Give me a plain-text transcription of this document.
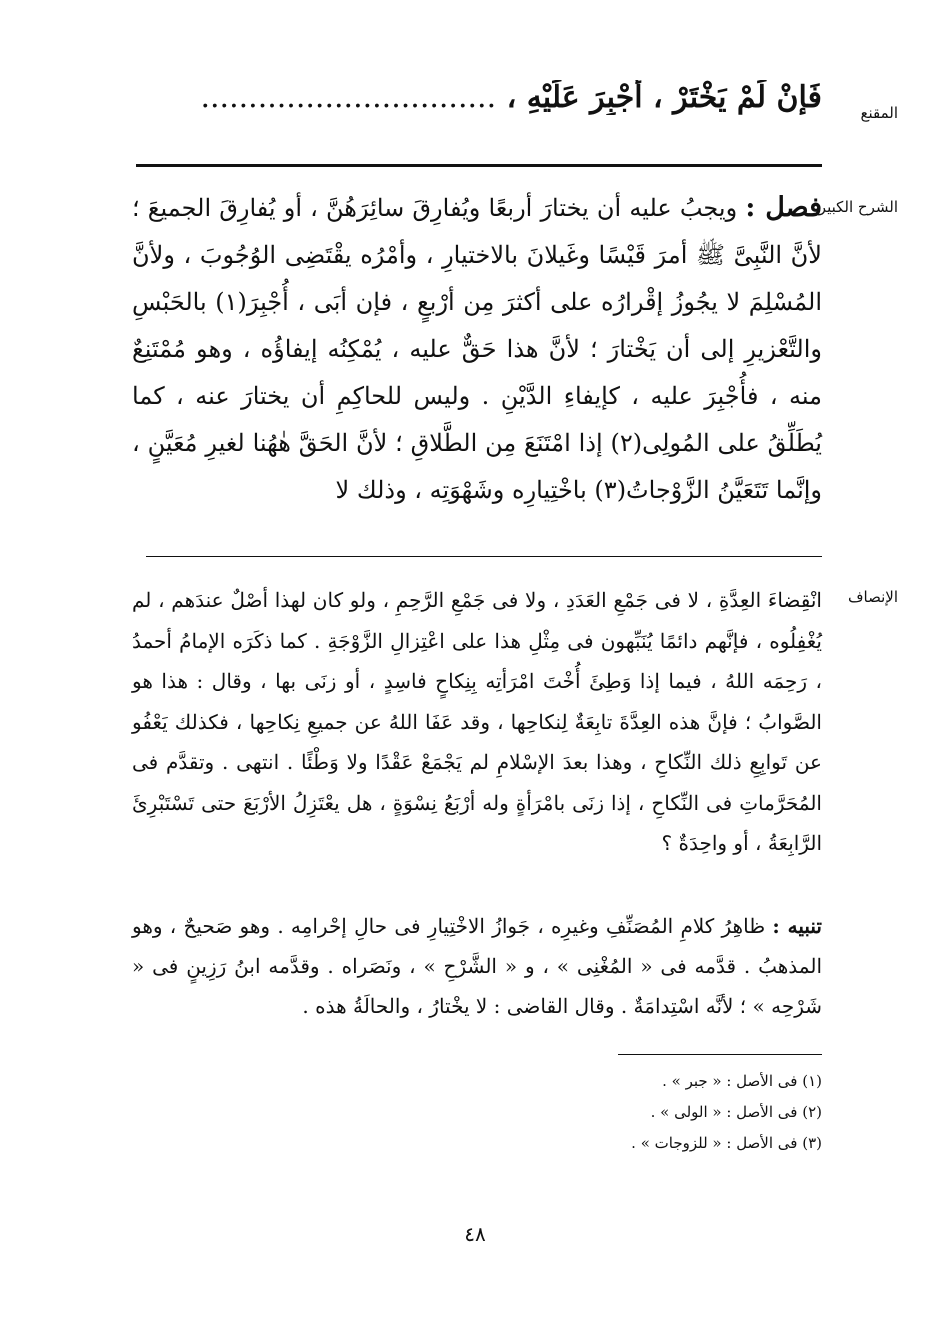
المقنع
فَإِنْ لَمْ يَخْتَرْ ، أُجْبِرَ عَلَيْهِ ، ...............................
الشرح الكبير
فصل : ويجبُ عليه أن يختارَ أربعًا ويُفارِقَ سائِرَهُنَّ ، أو يُفارِقَ الجميعَ ؛ لأنَّ النَّبِىَّ ﷺ أمرَ قَيْسًا وغَيلانَ بالاختيارِ ، وأمْرُه يقْتَضِى الوُجُوبَ ، ولأنَّ المُسْلِمَ لا يجُوزُ إقْرارُه على أكثرَ مِن أرْبعٍ ، فإن أبَى ، أُجْبِرَ(١) بالحَبْسِ والتَّعْزيرِ إلى أن يَخْتارَ ؛ لأنَّ هذا حَقٌّ عليه ، يُمْكِنُه إيفاؤُه ، وهو مُمْتَنِعٌ منه ، فأُجْبِرَ عليه ، كإيفاءِ الدَّيْنِ . وليس للحاكِمِ أن يختارَ عنه ، كما يُطَلِّقُ على المُولِى(٢) إذا امْتَنَعَ مِن الطَّلاقِ ؛ لأنَّ الحَقَّ هٰهُنا لغيرِ مُعَيَّنٍ ، وإنَّما تَتَعَيَّنُ الزَّوْجاتُ(٣) باخْتِيارِه وشَهْوَتِه ، وذلك لا
الإنصاف
انْقِضاءَ العِدَّةِ ، لا فى جَمْعِ العَدَدِ ، ولا فى جَمْعِ الرَّحِمِ ، ولو كان لهذا أصْلٌ عندَهم ، لم يُغْفِلُوه ، فإنَّهم دائمًا يُنَبِّهون فى مِثْلِ هذا على اعْتِزالِ الزَّوْجَةِ . كما ذكَرَه الإمامُ أحمدُ ، رَحِمَه اللهُ ، فيما إذا وَطِئَ أُخْتَ امْرَأتِه بِنِكاحٍ فاسِدٍ ، أو زنَى بها ، وقال : هذا هو الصَّوابُ ؛ فإنَّ هذه العِدَّةَ تابِعَةٌ لِنكاحِها ، وقد عَفَا اللهُ عن جميعِ نِكاحِها ، فكذلك يَعْفُو عن تَوابِعِ ذلك النِّكاحِ ، وهذا بعدَ الإسْلامِ لم يَجْمَعْ عَقْدًا ولا وَطْئًا . انتهى . وتقدَّم فى المُحَرَّماتِ فى النِّكاحِ ، إذا زنَى بامْرَأةٍ وله أرْبَعُ نِسْوَةٍ ، هل يعْتَزِلُ الأرْبَعَ حتى تَسْتَبْرِئَ الرَّابِعَةُ ، أو واحِدَةٌ ؟
تنبيه : ظاهِرُ كلامِ المُصَنِّفِ وغيرِه ، جَوازُ الاخْتِيارِ فى حالِ إحْرامِه . وهو صَحيحٌ ، وهو المذهبُ . قدَّمه فى « المُغْنِى » ، و « الشَّرْحِ » ، ونَصَراه . وقدَّمه ابنُ رَزِينٍ فى « شَرْحِه » ؛ لأنَّه اسْتِدامَةٌ . وقال القاضى : لا يخْتارُ ، والحالَةُ هذه .
(١) فى الأصل : « جبر » .
(٢) فى الأصل : « الولى » .
(٣) فى الأصل : « للزوجات » .
٤٨
